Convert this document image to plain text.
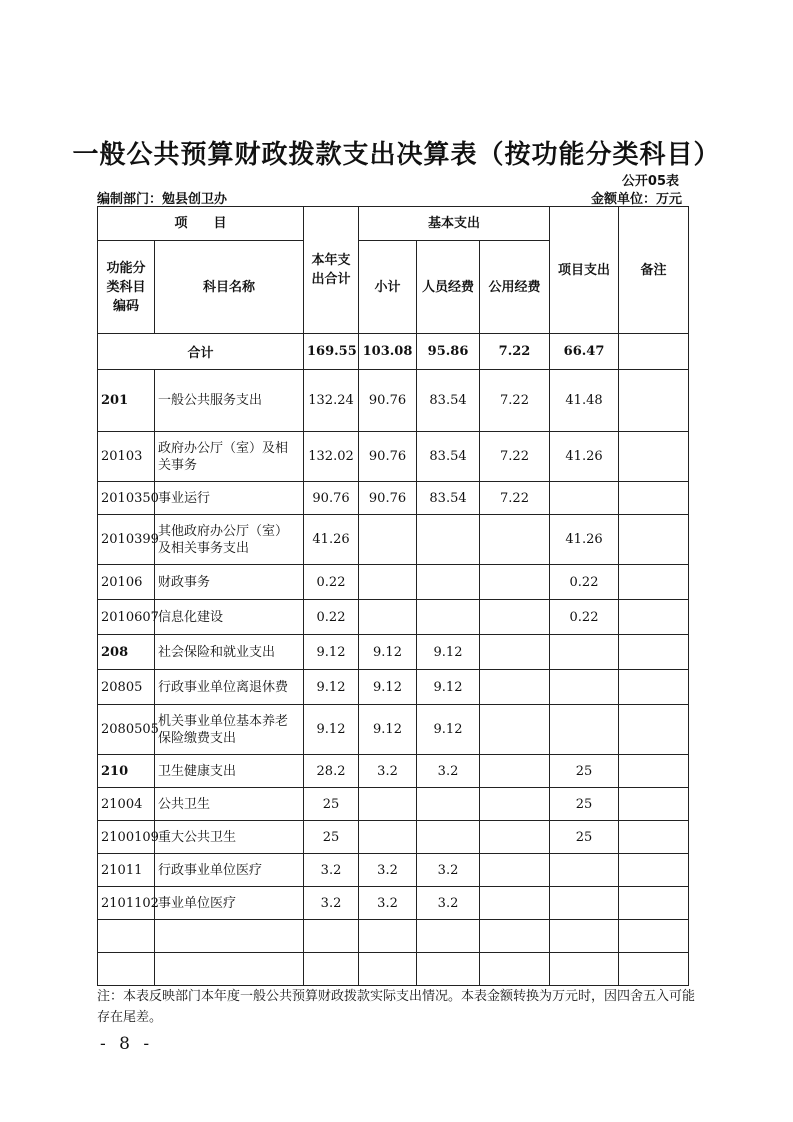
一般公共预算财政拨款支出决算表（按功能分类科目）
公开05表
编制部门：勉县创卫办	金额单位：万元
项　　目		本年支出合计	基本支出			项目支出	备注
功能分类科目编码	科目名称		小计	人员经费	公用经费		
合计		169.55	103.08	95.86	7.22	66.47	
201	一般公共服务支出	132.24	90.76	83.54	7.22	41.48	
20103	政府办公厅（室）及相关事务	132.02	90.76	83.54	7.22	41.26	
2010350	事业运行	90.76	90.76	83.54	7.22		
2010399	其他政府办公厅（室）及相关事务支出	41.26				41.26	
20106	财政事务	0.22				0.22	
2010607	信息化建设	0.22				0.22	
208	社会保险和就业支出	9.12	9.12	9.12			
20805	行政事业单位离退休费	9.12	9.12	9.12			
2080505	机关事业单位基本养老保险缴费支出	9.12	9.12	9.12			
210	卫生健康支出	28.2	3.2	3.2		25	
21004	公共卫生	25				25	
2100109	重大公共卫生	25				25	
21011	行政事业单位医疗	3.2	3.2	3.2			
2101102	事业单位医疗	3.2	3.2	3.2			

注：本表反映部门本年度一般公共预算财政拨款实际支出情况。本表金额转换为万元时，因四舍五入可能存在尾差。
- 8 -
